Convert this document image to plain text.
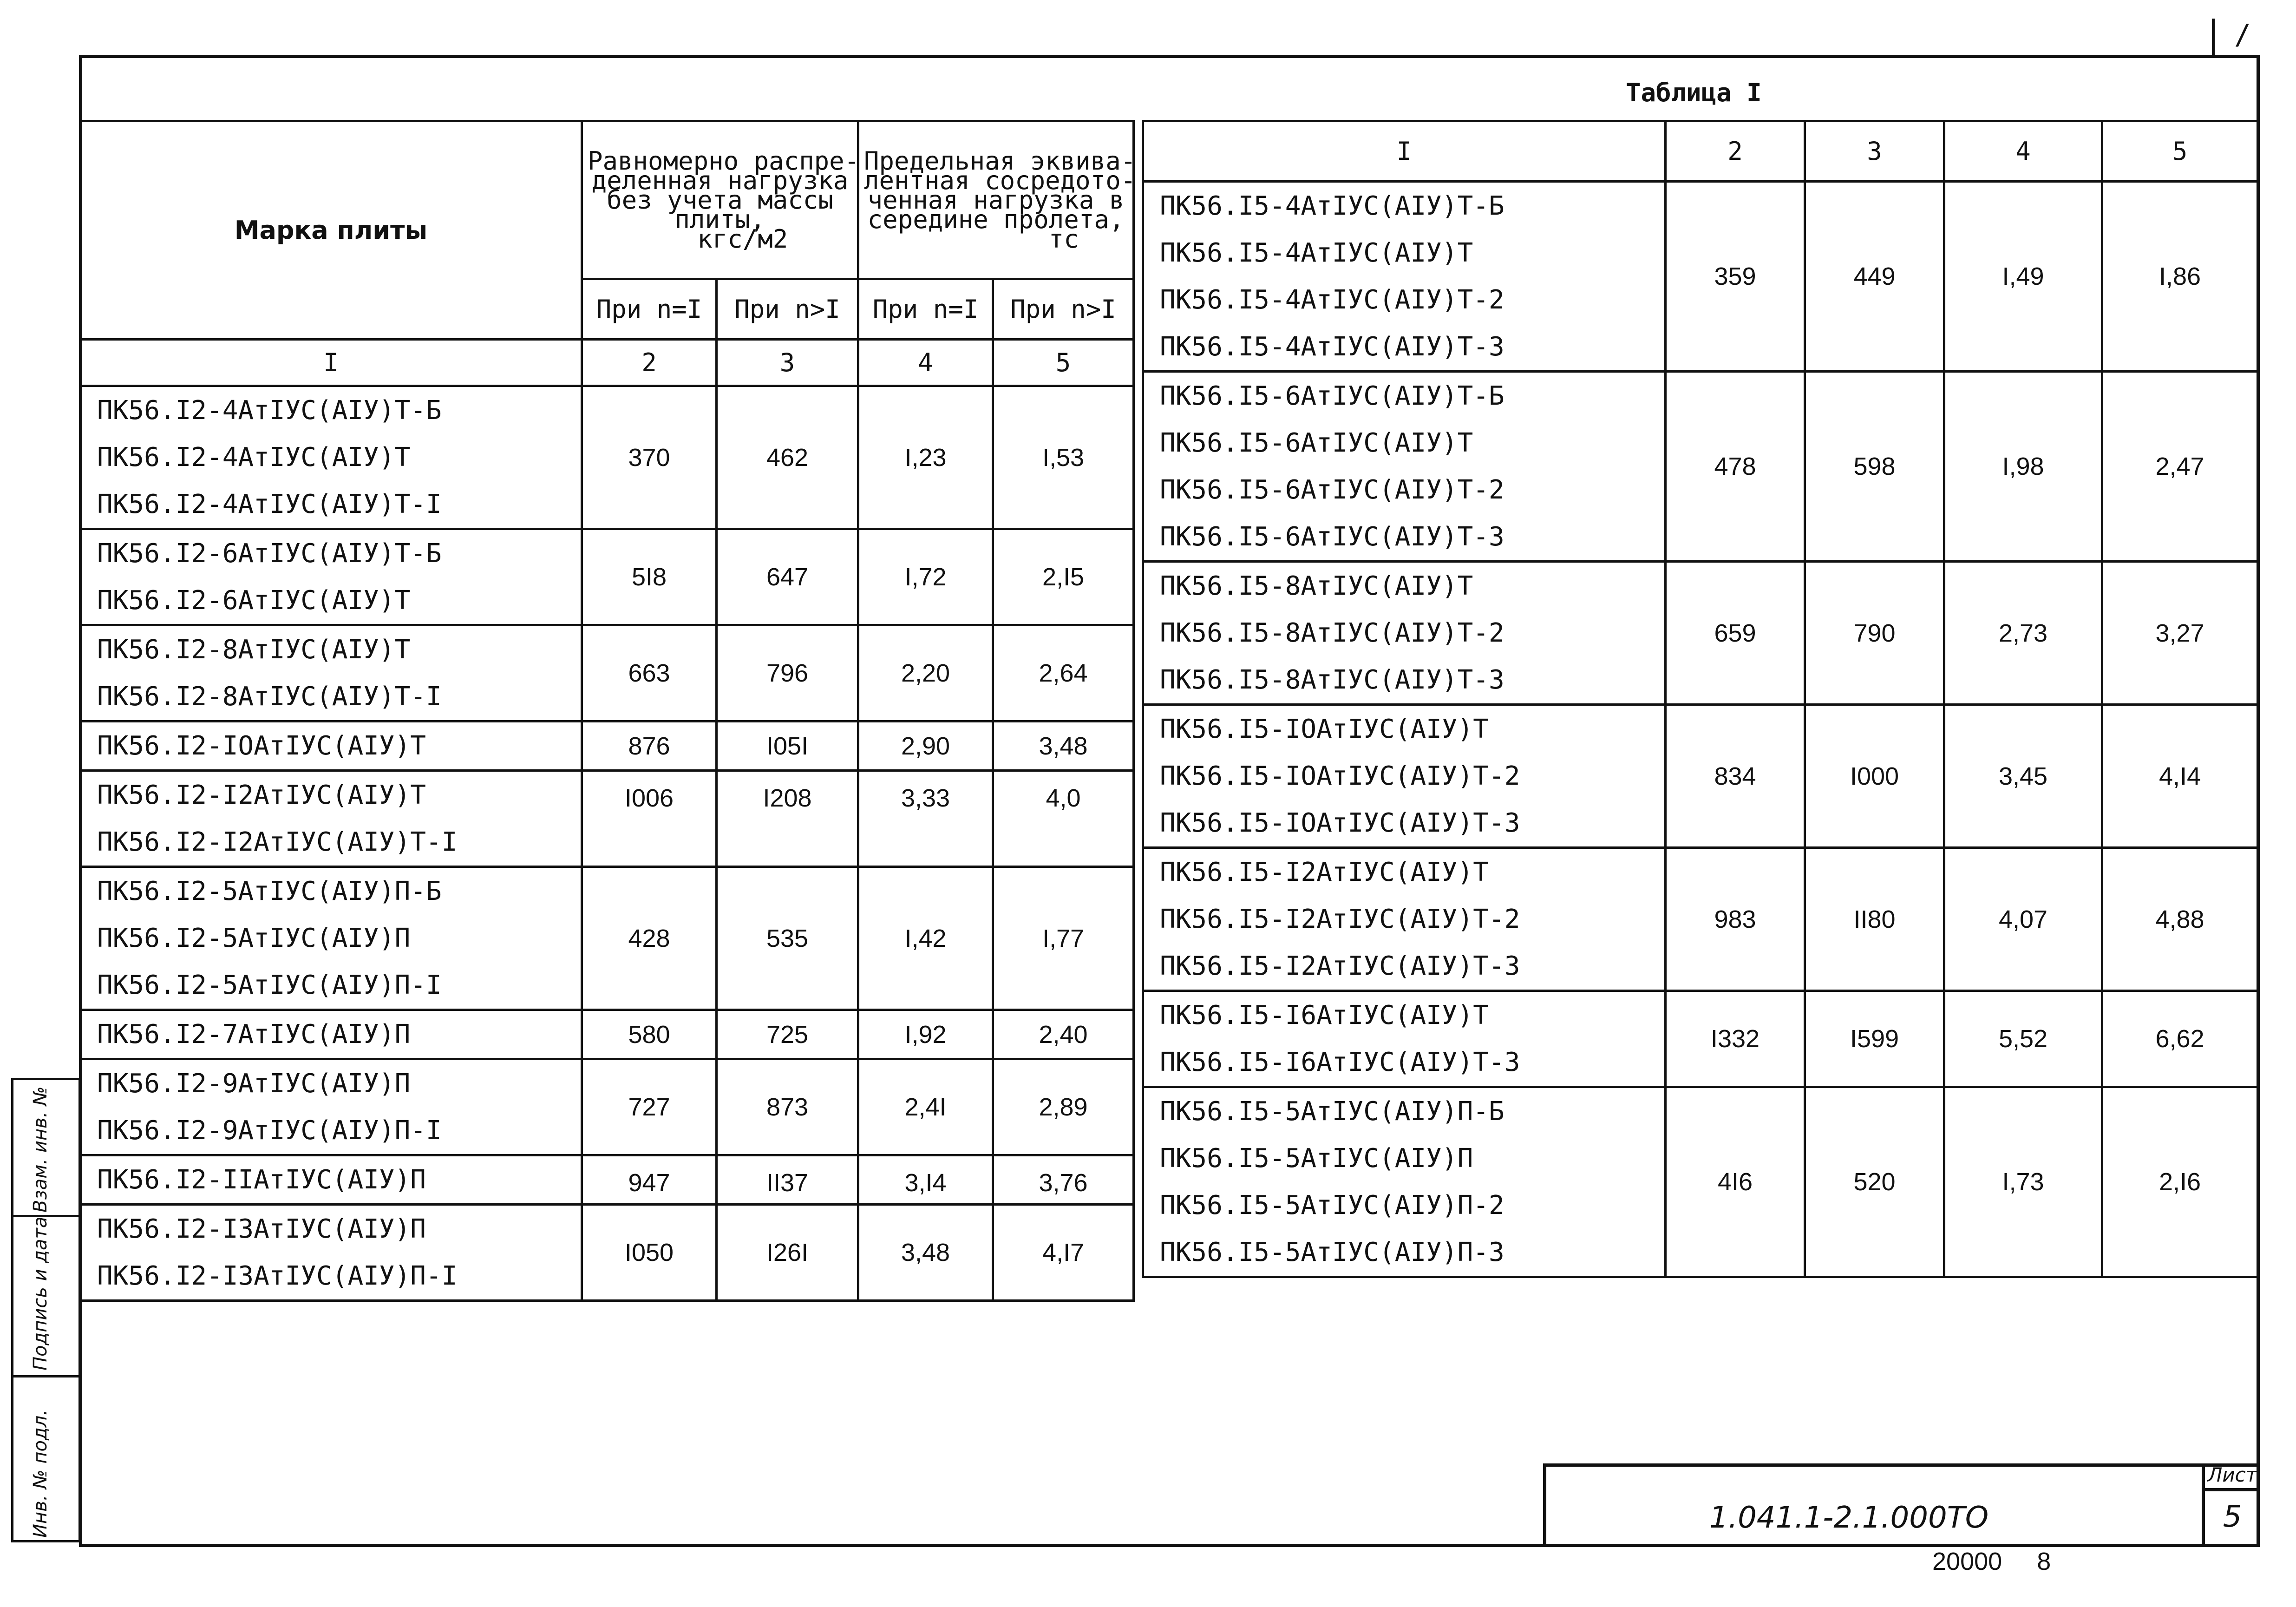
/
Таблица I
Марка плиты	Равномерно распре-
деленная нагрузка
без учета массы
плиты,
кгс/м2		Предельная эквива-
лентная сосредото-
ченная нагрузка в
середине пролета,
тс	

	При n=I	При n>I	При n=I	При n>I
I	2	3	4	5

ПК56.I2-4АтIУС(AIУ)Т-Б
ПК56.I2-4АтIУС(AIУ)Т
ПК56.I2-4АтIУС(AIУ)Т-I	370	462	I,23	I,53

ПК56.I2-6АтIУС(AIУ)Т-Б
ПК56.I2-6АтIУС(AIУ)Т	5I8	647	I,72	2,I5

ПК56.I2-8АтIУС(AIУ)Т
ПК56.I2-8АтIУС(AIУ)Т-I	663	796	2,20	2,64

ПК56.I2-IOАтIУС(AIУ)Т	876	I05I	2,90	3,48

ПК56.I2-I2АтIУС(AIУ)Т
ПК56.I2-I2АтIУС(AIУ)Т-I	I006	I208	3,33	4,0

ПК56.I2-5АтIУС(AIУ)П-Б
ПК56.I2-5АтIУС(AIУ)П
ПК56.I2-5АтIУС(AIУ)П-I	428	535	I,42	I,77

ПК56.I2-7АтIУС(AIУ)П	580	725	I,92	2,40

ПК56.I2-9АтIУС(AIУ)П
ПК56.I2-9АтIУС(AIУ)П-I	727	873	2,4I	2,89

ПК56.I2-IIАтIУС(AIУ)П	947	II37	3,I4	3,76

ПК56.I2-I3АтIУС(AIУ)П
ПК56.I2-I3АтIУС(AIУ)П-I	I050	I26I	3,48	4,I7
I	2	3	4	5

ПК56.I5-4АтIУС(AIУ)Т-Б
ПК56.I5-4АтIУС(AIУ)Т
ПК56.I5-4АтIУС(AIУ)Т-2
ПК56.I5-4АтIУС(AIУ)Т-3	359	449	I,49	I,86

ПК56.I5-6АтIУС(AIУ)Т-Б
ПК56.I5-6АтIУС(AIУ)Т
ПК56.I5-6АтIУС(AIУ)Т-2
ПК56.I5-6АтIУС(AIУ)Т-3	478	598	I,98	2,47

ПК56.I5-8АтIУС(AIУ)Т
ПК56.I5-8АтIУС(AIУ)Т-2
ПК56.I5-8АтIУС(AIУ)Т-3	659	790	2,73	3,27

ПК56.I5-IOАтIУС(AIУ)Т
ПК56.I5-IOАтIУС(AIУ)Т-2
ПК56.I5-IOАтIУС(AIУ)Т-3	834	I000	3,45	4,I4

ПК56.I5-I2АтIУС(AIУ)Т
ПК56.I5-I2АтIУС(AIУ)Т-2
ПК56.I5-I2АтIУС(AIУ)Т-3	983	II80	4,07	4,88

ПК56.I5-I6АтIУС(AIУ)Т
ПК56.I5-I6АтIУС(AIУ)Т-3	I332	I599	5,52	6,62

ПК56.I5-5АтIУС(AIУ)П-Б
ПК56.I5-5АтIУС(AIУ)П
ПК56.I5-5АтIУС(AIУ)П-2
ПК56.I5-5АтIУС(AIУ)П-3	4I6	520	I,73	2,I6
Взам. инв. №
Подпись и дата
Инв. № подл.	1.041.1-2.1.000ТО
Лист
5
20000 8
